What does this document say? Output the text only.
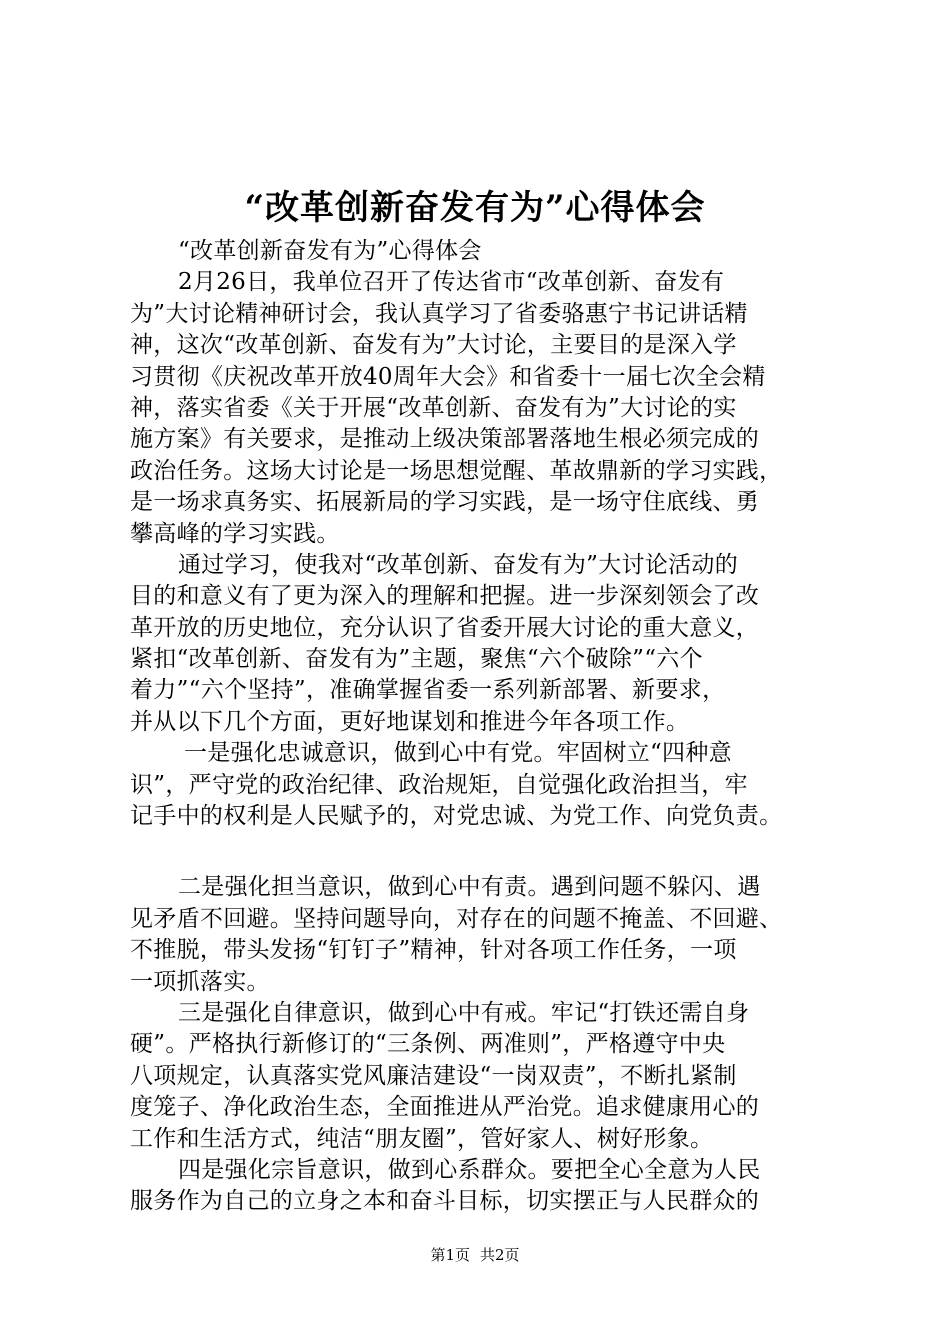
“改革创新奋发有为”心得体会
“改革创新奋发有为”心得体会
2月26日，我单位召开了传达省市“改革创新、奋发有
为”大讨论精神研讨会，我认真学习了省委骆惠宁书记讲话精
神，这次“改革创新、奋发有为”大讨论，主要目的是深入学
习贯彻《庆祝改革开放40周年大会》和省委十一届七次全会精
神，落实省委《关于开展“改革创新、奋发有为”大讨论的实
施方案》有关要求，是推动上级决策部署落地生根必须完成的
政治任务。这场大讨论是一场思想觉醒、革故鼎新的学习实践，
是一场求真务实、拓展新局的学习实践，是一场守住底线、勇
攀高峰的学习实践。
通过学习，使我对“改革创新、奋发有为”大讨论活动的
目的和意义有了更为深入的理解和把握。进一步深刻领会了改
革开放的历史地位，充分认识了省委开展大讨论的重大意义，
紧扣“改革创新、奋发有为”主题，聚焦“六个破除”“六个
着力”“六个坚持”，准确掌握省委一系列新部署、新要求，
并从以下几个方面，更好地谋划和推进今年各项工作。
一是强化忠诚意识，做到心中有党。牢固树立“四种意
识”，严守党的政治纪律、政治规矩，自觉强化政治担当，牢
记手中的权利是人民赋予的，对党忠诚、为党工作、向党负责。
二是强化担当意识，做到心中有责。遇到问题不躲闪、遇
见矛盾不回避。坚持问题导向，对存在的问题不掩盖、不回避、
不推脱，带头发扬“钉钉子”精神，针对各项工作任务，一项
一项抓落实。
三是强化自律意识，做到心中有戒。牢记“打铁还需自身
硬”。严格执行新修订的“三条例、两准则”，严格遵守中央
八项规定，认真落实党风廉洁建设“一岗双责”，不断扎紧制
度笼子、净化政治生态，全面推进从严治党。追求健康用心的
工作和生活方式，纯洁“朋友圈”，管好家人、树好形象。
四是强化宗旨意识，做到心系群众。要把全心全意为人民
服务作为自己的立身之本和奋斗目标，切实摆正与人民群众的
第1页 共2页
